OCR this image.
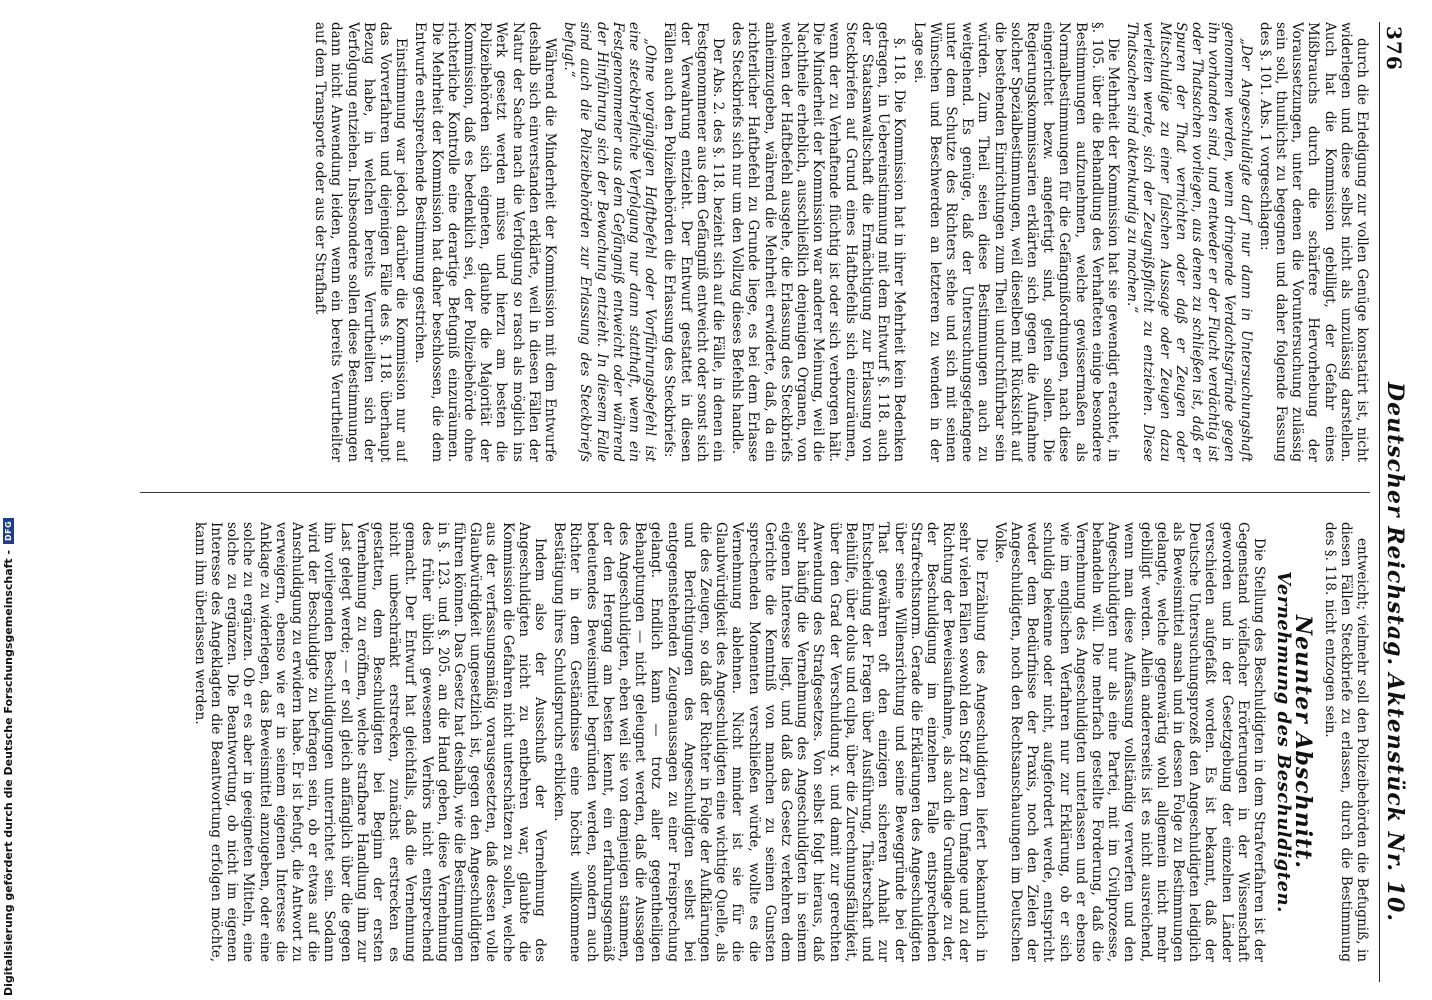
376
Deutscher Reichstag.
Aktenstück Nr. 10.

durch die Erledigung zur vollen Genüge konstatirt ist, nicht widerlegen und diese selbst nicht als unzulässig darstellen. Auch hat die Kommission gebilligt, der Gefahr eines Mißbrauchs durch die schärfere Hervorhebung der Voraussetzungen, unter denen die Voruntersuchung zulässig sein soll, thunlichst zu begegnen und daher folgende Fassung des §. 101. Abs. 1 vorgeschlagen:

„Der Angeschuldigte darf nur dann in Untersuchungshaft genommen werden, wenn dringende Verdachtsgründe gegen ihn vorhanden sind, und entweder er der Flucht verdächtig ist oder Thatsachen vorliegen, aus denen zu schließen ist, daß er Spuren der That vernichten oder daß er Zeugen oder Mitschuldige zu einer falschen Aussage oder Zeugen dazu verleiten werde, sich der Zeugnißpflicht zu entziehen. Diese Thatsachen sind aktenkundig zu machen.“

Die Mehrheit der Kommission hat sie gewendigt erachtet, in §. 105. über die Behandlung des Verhafteten einige besondere Bestimmungen aufzunehmen, welche gewissermaßen als Normalbestimmungen für die Gefängnißordnungen, nach diese eingerichtet bezw. angefertigt sind, gelten sollen. Die Regierungskommissarien erklärten sich gegen die Aufnahme solcher Spezialbestimmungen, weil dieselben mit Rücksicht auf die bestehenden Einrichtungen zum Theil undurchführbar sein würden. Zum Theil seien diese Bestimmungen auch zu weitgehend. Es genüge, daß der Untersuchungsgefangene unter dem Schutze des Richters stehe und sich mit seinen Wünschen und Beschwerden an letzteren zu wenden in der Lage sei.

§. 118. Die Kommission hat in ihrer Mehrheit kein Bedenken getragen, in Uebereinstimmung mit dem Entwurf §. 118. auch der Staatsanwaltschaft die Ermächtigung zur Erlassung von Steckbriefen auf Grund eines Haftbefehls sich einzuräumen, wenn der zu Verhaftende flüchtig ist oder sich verborgen hält. Die Minderheit der Kommission war anderer Meinung, weil die Nachtheile erheblich, ausschließlich denjenigen Organen, von welchen der Haftbefehl ausgehe, die Erlassung des Steckbriefs anheimzugeben, während die Mehrheit erwiderte, daß, da ein richterlicher Haftbefehl zu Grunde liege, es bei dem Erlasse des Steckbriefs sich nur um den Vollzug dieses Befehls handle.

Der Abs. 2. des §. 118. bezieht sich auf die Fälle, in denen ein Festgenommener aus dem Gefängniß entweicht oder sonst sich der Verwahrung entzieht. Der Entwurf gestattet in diesen Fällen auch den Polizeibehörden die Erlassung des Steckbriefs:

„Ohne vorgängigen Haftbefehl oder Vorführungsbefehl ist eine steckbriefliche Verfolgung nur dann statthaft, wenn ein Festgenommener aus dem Gefängniß entweicht oder während der Hinführung sich der Bewachung entzieht. In diesem Falle sind auch die Polizeibehörden zur Erlassung des Steckbriefs befugt.“

Während die Minderheit der Kommission mit dem Entwurfe deshalb sich einverstanden erklärte, weil in diesen Fällen der Natur der Sache nach die Verfolgung so rasch als möglich ins Werk gesetzt werden müsse und hierzu am besten die Polizeibehörden sich eigneten, glaubte die Majorität der Kommission, daß es bedenklich sei, der Polizeibehörde ohne richterliche Kontrolle eine derartige Befugniß einzuräumen. Die Mehrheit der Kommission hat daher beschlossen, die dem Entwurfe entsprechende Bestimmung gestrichen.

Einstimmung war jedoch darüber die Kommission nur auf das Vorverfahren und diejenigen Fälle des §. 118. überhaupt Bezug habe, in welchen bereits Verurtheilten sich der Verfolgung entziehen. Insbesondere sollen diese Bestimmungen dann nicht Anwendung leiden, wenn ein bereits Verurtheilter auf dem Transporte oder aus der Strafhaft

entweicht; vielmehr soll den Polizeibehörden die Befugniß, in diesen Fällen Steckbriefe zu erlassen, durch die Bestimmung des §. 118. nicht entzogen sein.

Neunter Abschnitt.
Vernehmung des Beschuldigten.

Die Stellung des Beschuldigten in dem Strafverfahren ist der Gegenstand vielfacher Erörterungen in der Wissenschaft geworden und in der Gesetzgebung der einzelnen Länder verschieden aufgefaßt worden. Es ist bekannt, daß der Deutsche Untersuchungsprozeß den Angeschuldigten lediglich als Beweismittel ansah und in dessen Folge zu Bestimmungen gelangte, welche gegenwärtig wohl allgemein nicht mehr gebilligt werden. Allein andererseits ist es nicht ausreichend, wenn man diese Auffassung vollständig verwerfen und den Angeschuldigten nur als eine Partei, mit im Civilprozesse, behandeln will. Die mehrfach gestellte Forderung, daß die Vernehmung des Angeschuldigten unterlassen und er ebenso wie im englischen Verfahren nur zur Erklärung, ob er sich schuldig bekenne oder nicht, aufgefordert werde, entspricht weder dem Bedürfnisse der Praxis, noch den Zielen der Angeschuldigten, noch den Rechtsanschauungen im Deutschen Volke.

Die Erzählung des Angeschuldigten liefert bekanntlich in sehr vielen Fällen sowohl den Stoff zu dem Umfange und zu der Richtung der Beweisaufnahme, als auch die Grundlage zu der, der Beschuldigung im einzelnen Falle entsprechenden Strafrechtsnorm. Gerade die Erklärungen des Angeschuldigten über seine Willensrichtung und seine Beweggründe bei der That gewähren oft den einzigen sicheren Anhalt zur Entscheidung der Fragen über Ausführung, Thäterschaft und Beihülfe, über dolus und culpa, über die Zurechnungsfähigkeit, über den Grad der Verschuldung x. und damit zur gerechten Anwendung des Strafgesetzes. Von selbst folgt hieraus, daß sehr häufig die Vernehmung des Angeschuldigten in seinem eigenen Interesse liegt, und daß das Gesetz verkehren dem Gerichte die Kenntniß von manchen zu seinen Gunsten sprechenden Momenten verschließen würde, wollte es die Vernehmung ablehnen. Nicht minder ist sie für die Glaubwürdigkeit des Angeschuldigten eine wichtige Quelle, als die des Zeugen, so daß der Richter in Folge der Aufklärungen und Berichtigungen des Angeschuldigten selbst bei entgegenstehenden Zeugenaussagen zu einer Freisprechung gelangt. Endlich kann — trotz aller gegentheiligen Behauptungen — nicht geleugnet werden, daß die Aussagen des Angeschuldigten, eben weil sie von demjenigen stammen, der den Hergang am besten kennt, ein erfahrungsgemäß bedeutendes Beweismittel begründen werden, sondern auch Richter in dem Geständnisse eine höchst willkommene Bestätigung ihres Schuldspruchs erblicken.

Indem also der Ausschuß der Vernehmung des Angeschuldigten nicht zu entbehren war, glaubte die Kommission die Gefahren nicht unterschätzen zu sollen, welche aus der verfassungsmäßig vorausgesetzten, daß dessen volle Glaubwürdigkeit ungesetzlich ist, gegen den Angeschuldigten führen können. Das Gesetz hat deshalb, wie die Bestimmungen in §. 123. und §. 205. an die Hand geben, diese Vernehmung des früher üblich gewesenen Verhörs nicht entsprechend gemacht. Der Entwurf hat gleichfalls, daß die Vernehmung nicht unbeschränkt erstrecken, zunächst erstrecken es gestatten, dem Beschuldigten bei Beginn der ersten Vernehmung zu eröffnen, welche strafbare Handlung ihm zur Last gelegt werde; — er soll gleich anfänglich über die gegen ihn vorliegenden Beschuldigungen unterrichtet sein. Sodann wird der Beschuldigte zu befragen sein, ob er etwas auf die Anschuldigung zu erwidern habe. Er ist befugt, die Antwort zu verweigern, ebenso wie er in seinem eigenen Interesse die Anklage zu widerlegen, das Beweismittel anzugeben, oder eine solche zu ergänzen. Ob er es aber in geeigneten Mitteln, eine solche zu ergänzen. Die Beantwortung, ob nicht im eigenen Interesse des Angeklagten die Beantwortung erfolgen möchte, kann ihm überlassen werden.

Digitalisierung gefördert durch die Deutsche Forschungsgemeinschaft -
DFG
